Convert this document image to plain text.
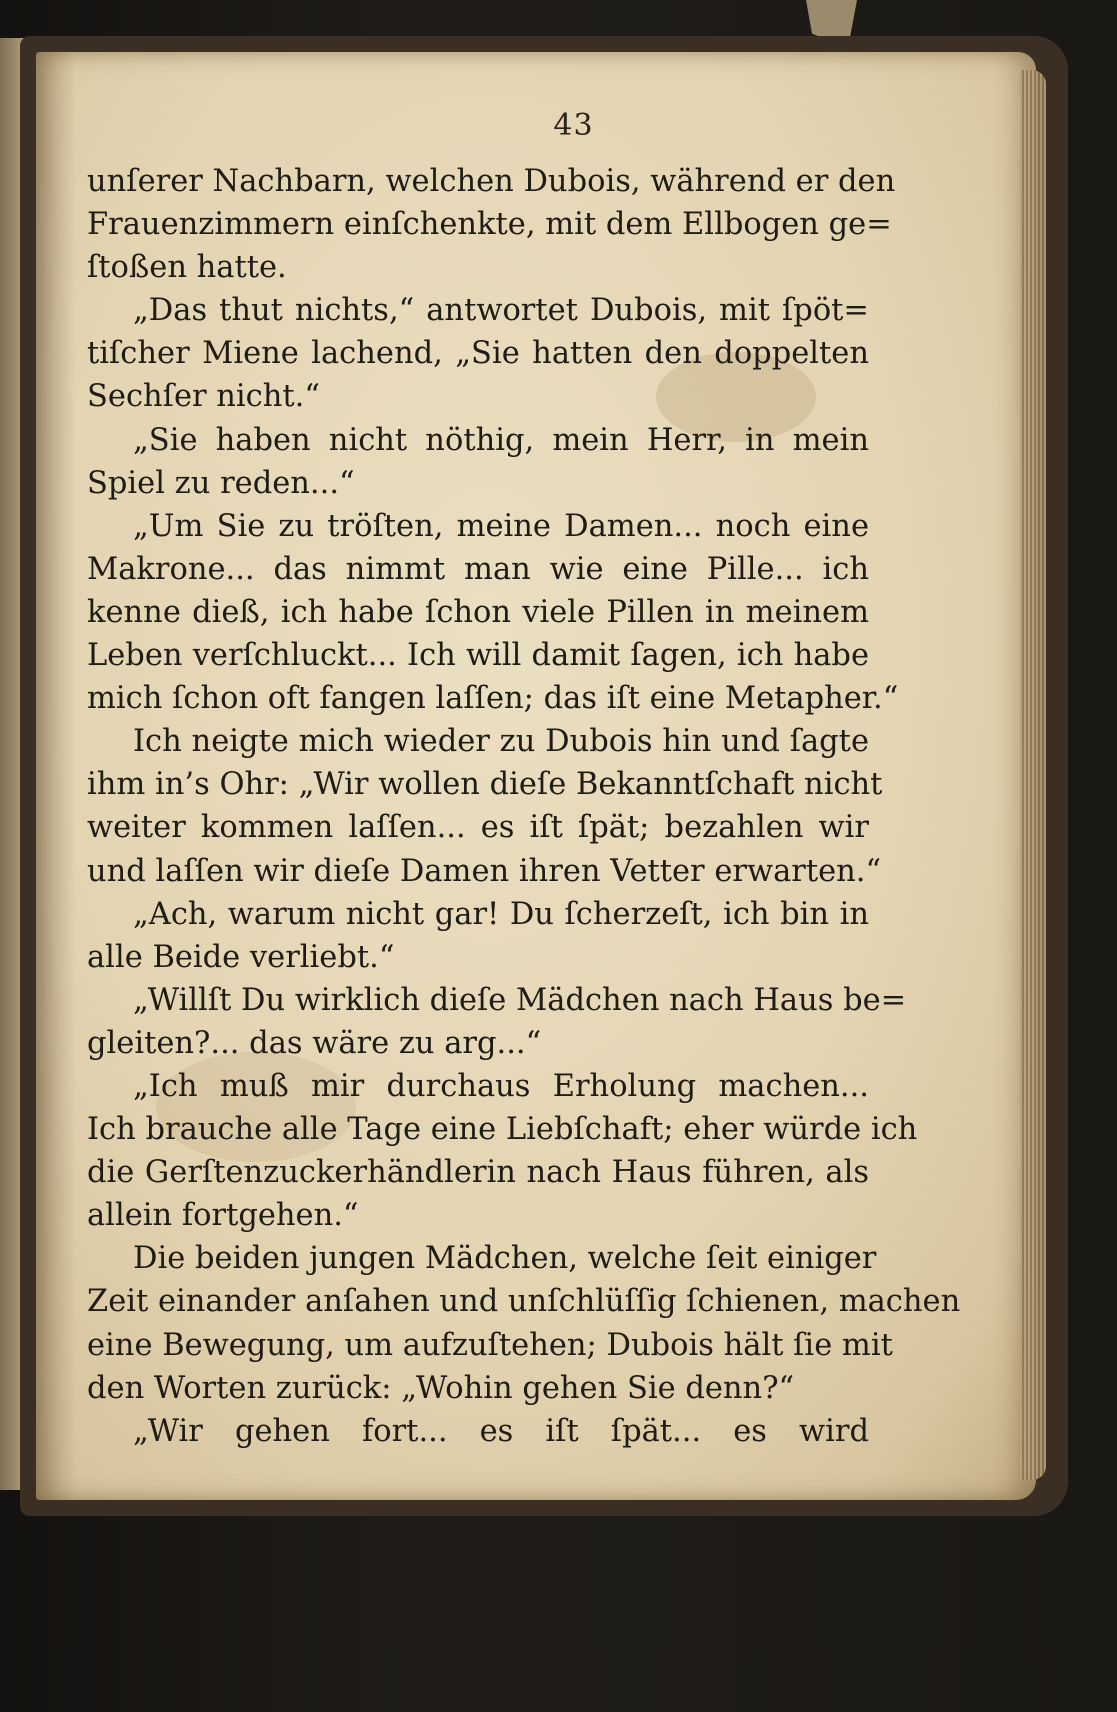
43
unſerer Nachbarn, welchen Dubois, während er den
Frauenzimmern einſchenkte, mit dem Ellbogen ge=
ſtoßen hatte.
„Das thut nichts,“ antwortet Dubois, mit ſpöt=
tiſcher Miene lachend, „Sie hatten den doppelten
Sechſer nicht.“
„Sie haben nicht nöthig, mein Herr, in mein
Spiel zu reden...“
„Um Sie zu tröſten, meine Damen... noch eine
Makrone... das nimmt man wie eine Pille... ich
kenne dieß, ich habe ſchon viele Pillen in meinem
Leben verſchluckt... Ich will damit ſagen, ich habe
mich ſchon oft fangen laſſen; das iſt eine Metapher.“
Ich neigte mich wieder zu Dubois hin und ſagte
ihm in’s Ohr: „Wir wollen dieſe Bekanntſchaft nicht
weiter kommen laſſen... es iſt ſpät; bezahlen wir
und laſſen wir dieſe Damen ihren Vetter erwarten.“
„Ach, warum nicht gar! Du ſcherzeſt, ich bin in
alle Beide verliebt.“
„Willſt Du wirklich dieſe Mädchen nach Haus be=
gleiten?... das wäre zu arg...“
„Ich muß mir durchaus Erholung machen...
Ich brauche alle Tage eine Liebſchaft; eher würde ich
die Gerſtenzuckerhändlerin nach Haus führen, als
allein fortgehen.“
Die beiden jungen Mädchen, welche ſeit einiger
Zeit einander anſahen und unſchlüſſig ſchienen, machen
eine Bewegung, um aufzuſtehen; Dubois hält ſie mit
den Worten zurück: „Wohin gehen Sie denn?“
„Wir gehen fort... es iſt ſpät... es wird
